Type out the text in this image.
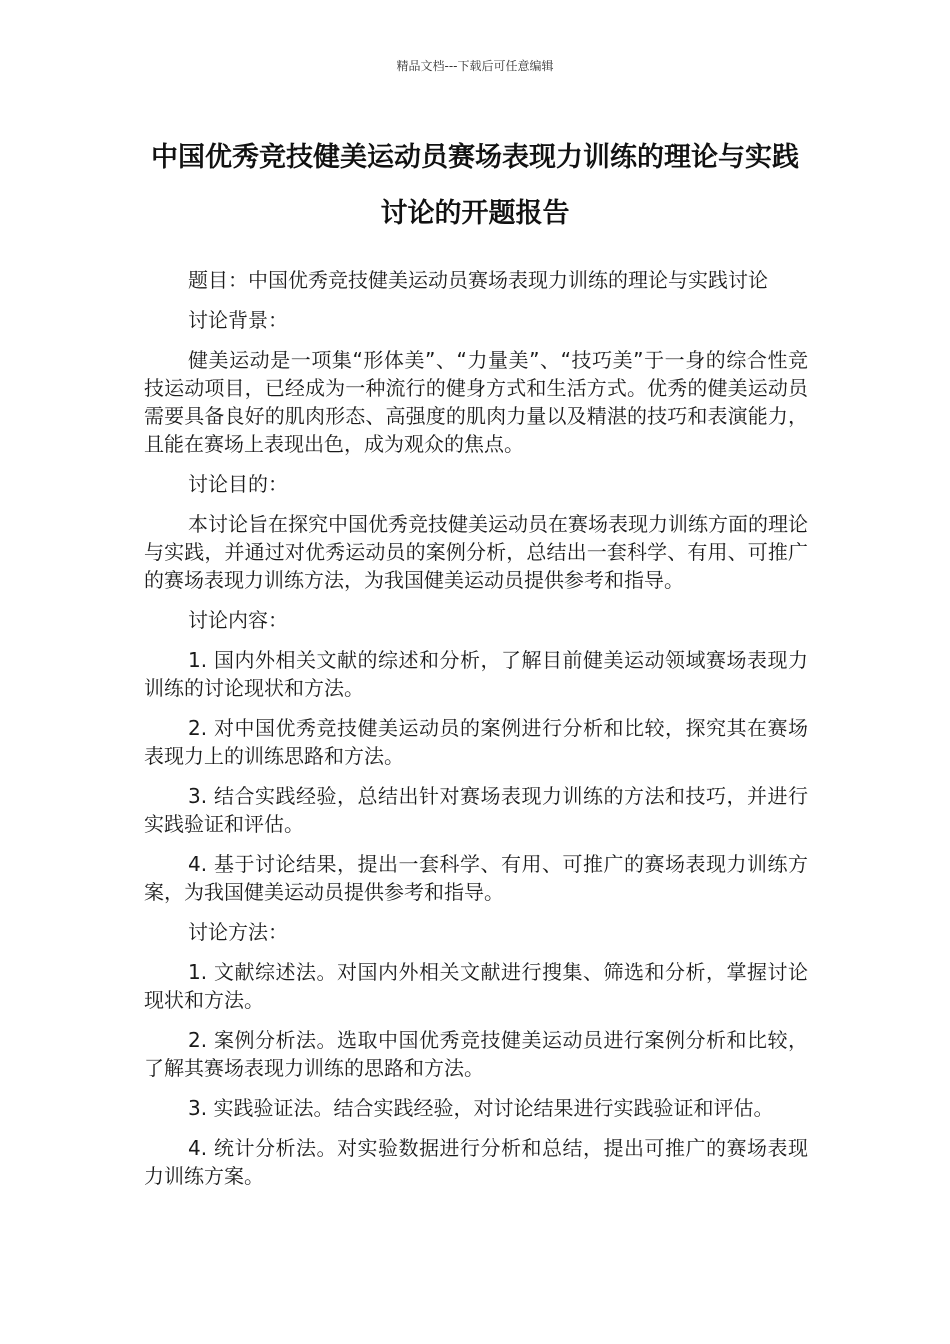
精品文档---下载后可任意编辑
中国优秀竞技健美运动员赛场表现力训练的理论与实践讨论的开题报告

题目：中国优秀竞技健美运动员赛场表现力训练的理论与实践讨论

讨论背景：

健美运动是一项集“形体美”、“力量美”、“技巧美”于一身的综合性竞技运动项目，已经成为一种流行的健身方式和生活方式。优秀的健美运动员需要具备良好的肌肉形态、高强度的肌肉力量以及精湛的技巧和表演能力，且能在赛场上表现出色，成为观众的焦点。

讨论目的：

本讨论旨在探究中国优秀竞技健美运动员在赛场表现力训练方面的理论与实践，并通过对优秀运动员的案例分析，总结出一套科学、有用、可推广的赛场表现力训练方法，为我国健美运动员提供参考和指导。

讨论内容：

1. 国内外相关文献的综述和分析，了解目前健美运动领域赛场表现力训练的讨论现状和方法。

2. 对中国优秀竞技健美运动员的案例进行分析和比较，探究其在赛场表现力上的训练思路和方法。

3. 结合实践经验，总结出针对赛场表现力训练的方法和技巧，并进行实践验证和评估。

4. 基于讨论结果，提出一套科学、有用、可推广的赛场表现力训练方案，为我国健美运动员提供参考和指导。

讨论方法：

1. 文献综述法。对国内外相关文献进行搜集、筛选和分析，掌握讨论现状和方法。

2. 案例分析法。选取中国优秀竞技健美运动员进行案例分析和比较，了解其赛场表现力训练的思路和方法。

3. 实践验证法。结合实践经验，对讨论结果进行实践验证和评估。

4. 统计分析法。对实验数据进行分析和总结，提出可推广的赛场表现力训练方案。
